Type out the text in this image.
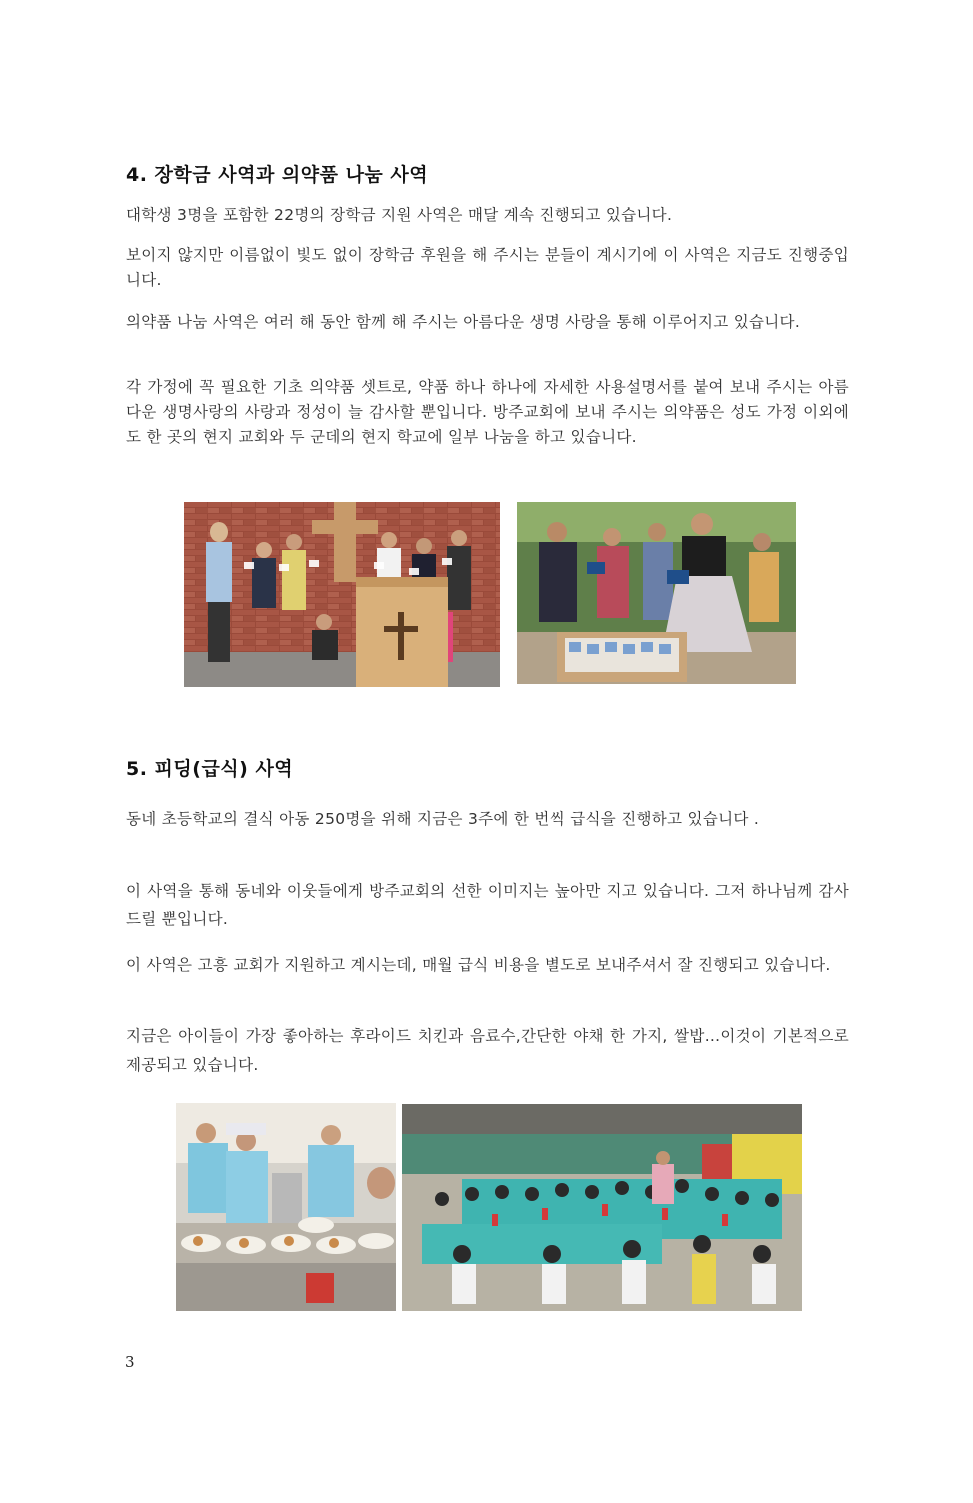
4. 장학금 사역과 의약품 나눔 사역

대학생 3명을 포함한 22명의 장학금 지원 사역은 매달 계속 진행되고 있습니다.

보이지 않지만 이름없이 빛도 없이 장학금 후원을 해 주시는 분들이 계시기에 이 사역은 지금도 진행중입니다.

의약품 나눔 사역은 여러 해 동안 함께 해 주시는 아름다운 생명 사랑을 통해 이루어지고 있습니다.

각 가정에 꼭 필요한 기초 의약품 셋트로, 약품 하나 하나에 자세한 사용설명서를 붙여 보내 주시는 아름다운 생명사랑의 사랑과 정성이 늘 감사할 뿐입니다. 방주교회에 보내 주시는 의약품은 성도 가정 이외에도 한 곳의 현지 교회와 두 군데의 현지 학교에 일부 나눔을 하고 있습니다.

5. 피딩(급식) 사역

동네 초등학교의 결식 아동 250명을 위해 지금은 3주에 한 번씩 급식을 진행하고 있습니다 .

이 사역을 통해 동네와 이웃들에게 방주교회의 선한 이미지는 높아만 지고 있습니다. 그저 하나님께 감사드릴 뿐입니다.

이 사역은 고흥 교회가 지원하고 계시는데, 매월 급식 비용을 별도로 보내주셔서 잘 진행되고 있습니다.

지금은 아이들이 가장 좋아하는 후라이드 치킨과 음료수,간단한 야채 한 가지, 쌀밥…이것이 기본적으로 제공되고 있습니다.

3
